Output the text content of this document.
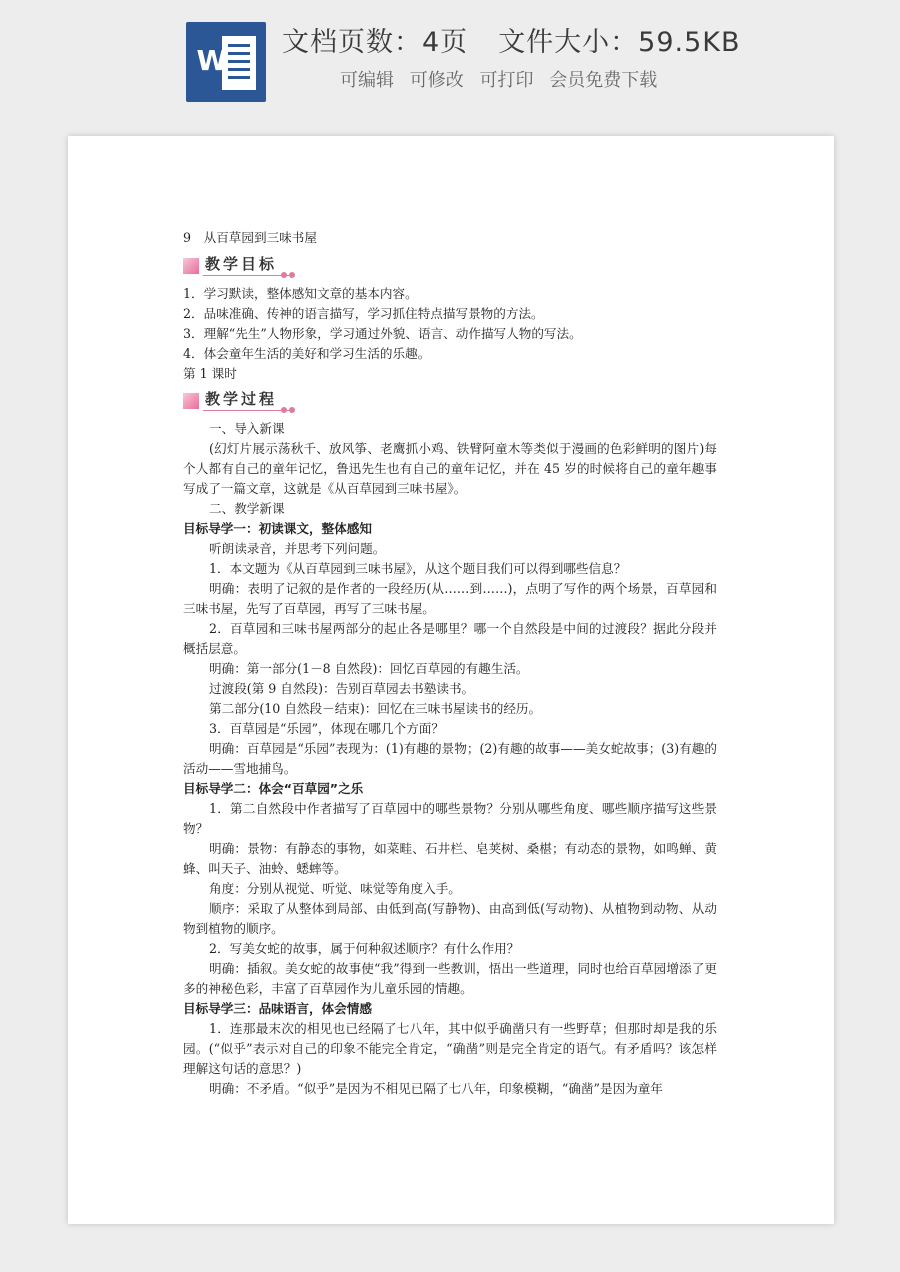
W
文档页数：4页 文件大小：59.5KB
可编辑 可修改 可打印 会员免费下载

9　从百草园到三味书屋

教学目标

1．学习默读，整体感知文章的基本内容。

2．品味准确、传神的语言描写，学习抓住特点描写景物的方法。

3．理解“先生”人物形象，学习通过外貌、语言、动作描写人物的写法。

4．体会童年生活的美好和学习生活的乐趣。

第 1 课时

教学过程

一、导入新课

(幻灯片展示荡秋千、放风筝、老鹰抓小鸡、铁臂阿童木等类似于漫画的色彩鲜明的图片)每个人都有自己的童年记忆，鲁迅先生也有自己的童年记忆，并在 45 岁的时候将自己的童年趣事写成了一篇文章，这就是《从百草园到三味书屋》。

二、教学新课

目标导学一：初读课文，整体感知

听朗读录音，并思考下列问题。

1．本文题为《从百草园到三味书屋》，从这个题目我们可以得到哪些信息？

明确：表明了记叙的是作者的一段经历(从……到……)，点明了写作的两个场景，百草园和三味书屋，先写了百草园，再写了三味书屋。

2．百草园和三味书屋两部分的起止各是哪里？哪一个自然段是中间的过渡段？据此分段并概括层意。

明确：第一部分(1－8 自然段)：回忆百草园的有趣生活。

过渡段(第 9 自然段)：告别百草园去书塾读书。

第二部分(10 自然段－结束)：回忆在三味书屋读书的经历。

3．百草园是“乐园”，体现在哪几个方面？

明确：百草园是“乐园”表现为：(1)有趣的景物；(2)有趣的故事——美女蛇故事；(3)有趣的活动——雪地捕鸟。

目标导学二：体会“百草园”之乐

1．第二自然段中作者描写了百草园中的哪些景物？分别从哪些角度、哪些顺序描写这些景物？

明确：景物：有静态的事物，如菜畦、石井栏、皂荚树、桑椹；有动态的景物，如鸣蝉、黄蜂、叫天子、油蛉、蟋蟀等。

角度：分别从视觉、听觉、味觉等角度入手。

顺序：采取了从整体到局部、由低到高(写静物)、由高到低(写动物)、从植物到动物、从动物到植物的顺序。

2．写美女蛇的故事，属于何种叙述顺序？有什么作用？

明确：插叙。美女蛇的故事使“我”得到一些教训，悟出一些道理，同时也给百草园增添了更多的神秘色彩，丰富了百草园作为儿童乐园的情趣。

目标导学三：品味语言，体会情感

1．连那最末次的相见也已经隔了七八年，其中似乎确凿只有一些野草；但那时却是我的乐园。(“似乎”表示对自己的印象不能完全肯定，“确凿”则是完全肯定的语气。有矛盾吗？该怎样理解这句话的意思？)

明确：不矛盾。“似乎”是因为不相见已隔了七八年，印象模糊，“确凿”是因为童年
